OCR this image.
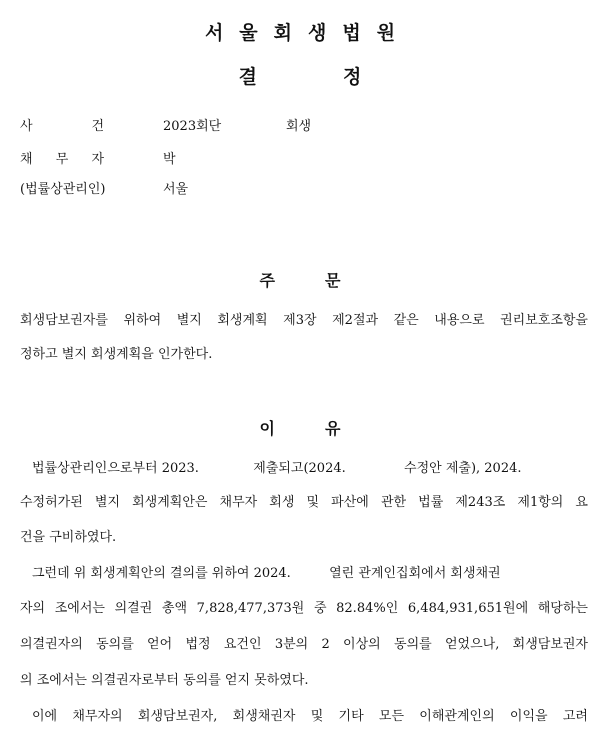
서울회생법원
결	정
사	건	2023회단	회생
채 무 자	박
(법률상관리인)	서울
주	문
회생담보권자를 위하여 별지 회생계획 제3장 제2절과 같은 내용으로 권리보호조항을
정하고 별지 회생계획을 인가한다.
이	유
법률상관리인으로부터 2023.	제출되고(2024.	수정안 제출), 2024.
수정허가된 별지 회생계획안은 채무자 회생 및 파산에 관한 법률 제243조 제1항의 요
건을 구비하였다.
그런데 위 회생계획안의 결의를 위하여 2024.	열린 관계인집회에서 회생채권
자의 조에서는 의결권 총액 7,828,477,373원 중 82.84%인 6,484,931,651원에 해당하는
의결권자의 동의를 얻어 법정 요건인 3분의 2 이상의 동의를 얻었으나, 회생담보권자
의 조에서는 의결권자로부터 동의를 얻지 못하였다.
이에 채무자의 회생담보권자, 회생채권자 및 기타 모든 이해관계인의 이익을 고려
